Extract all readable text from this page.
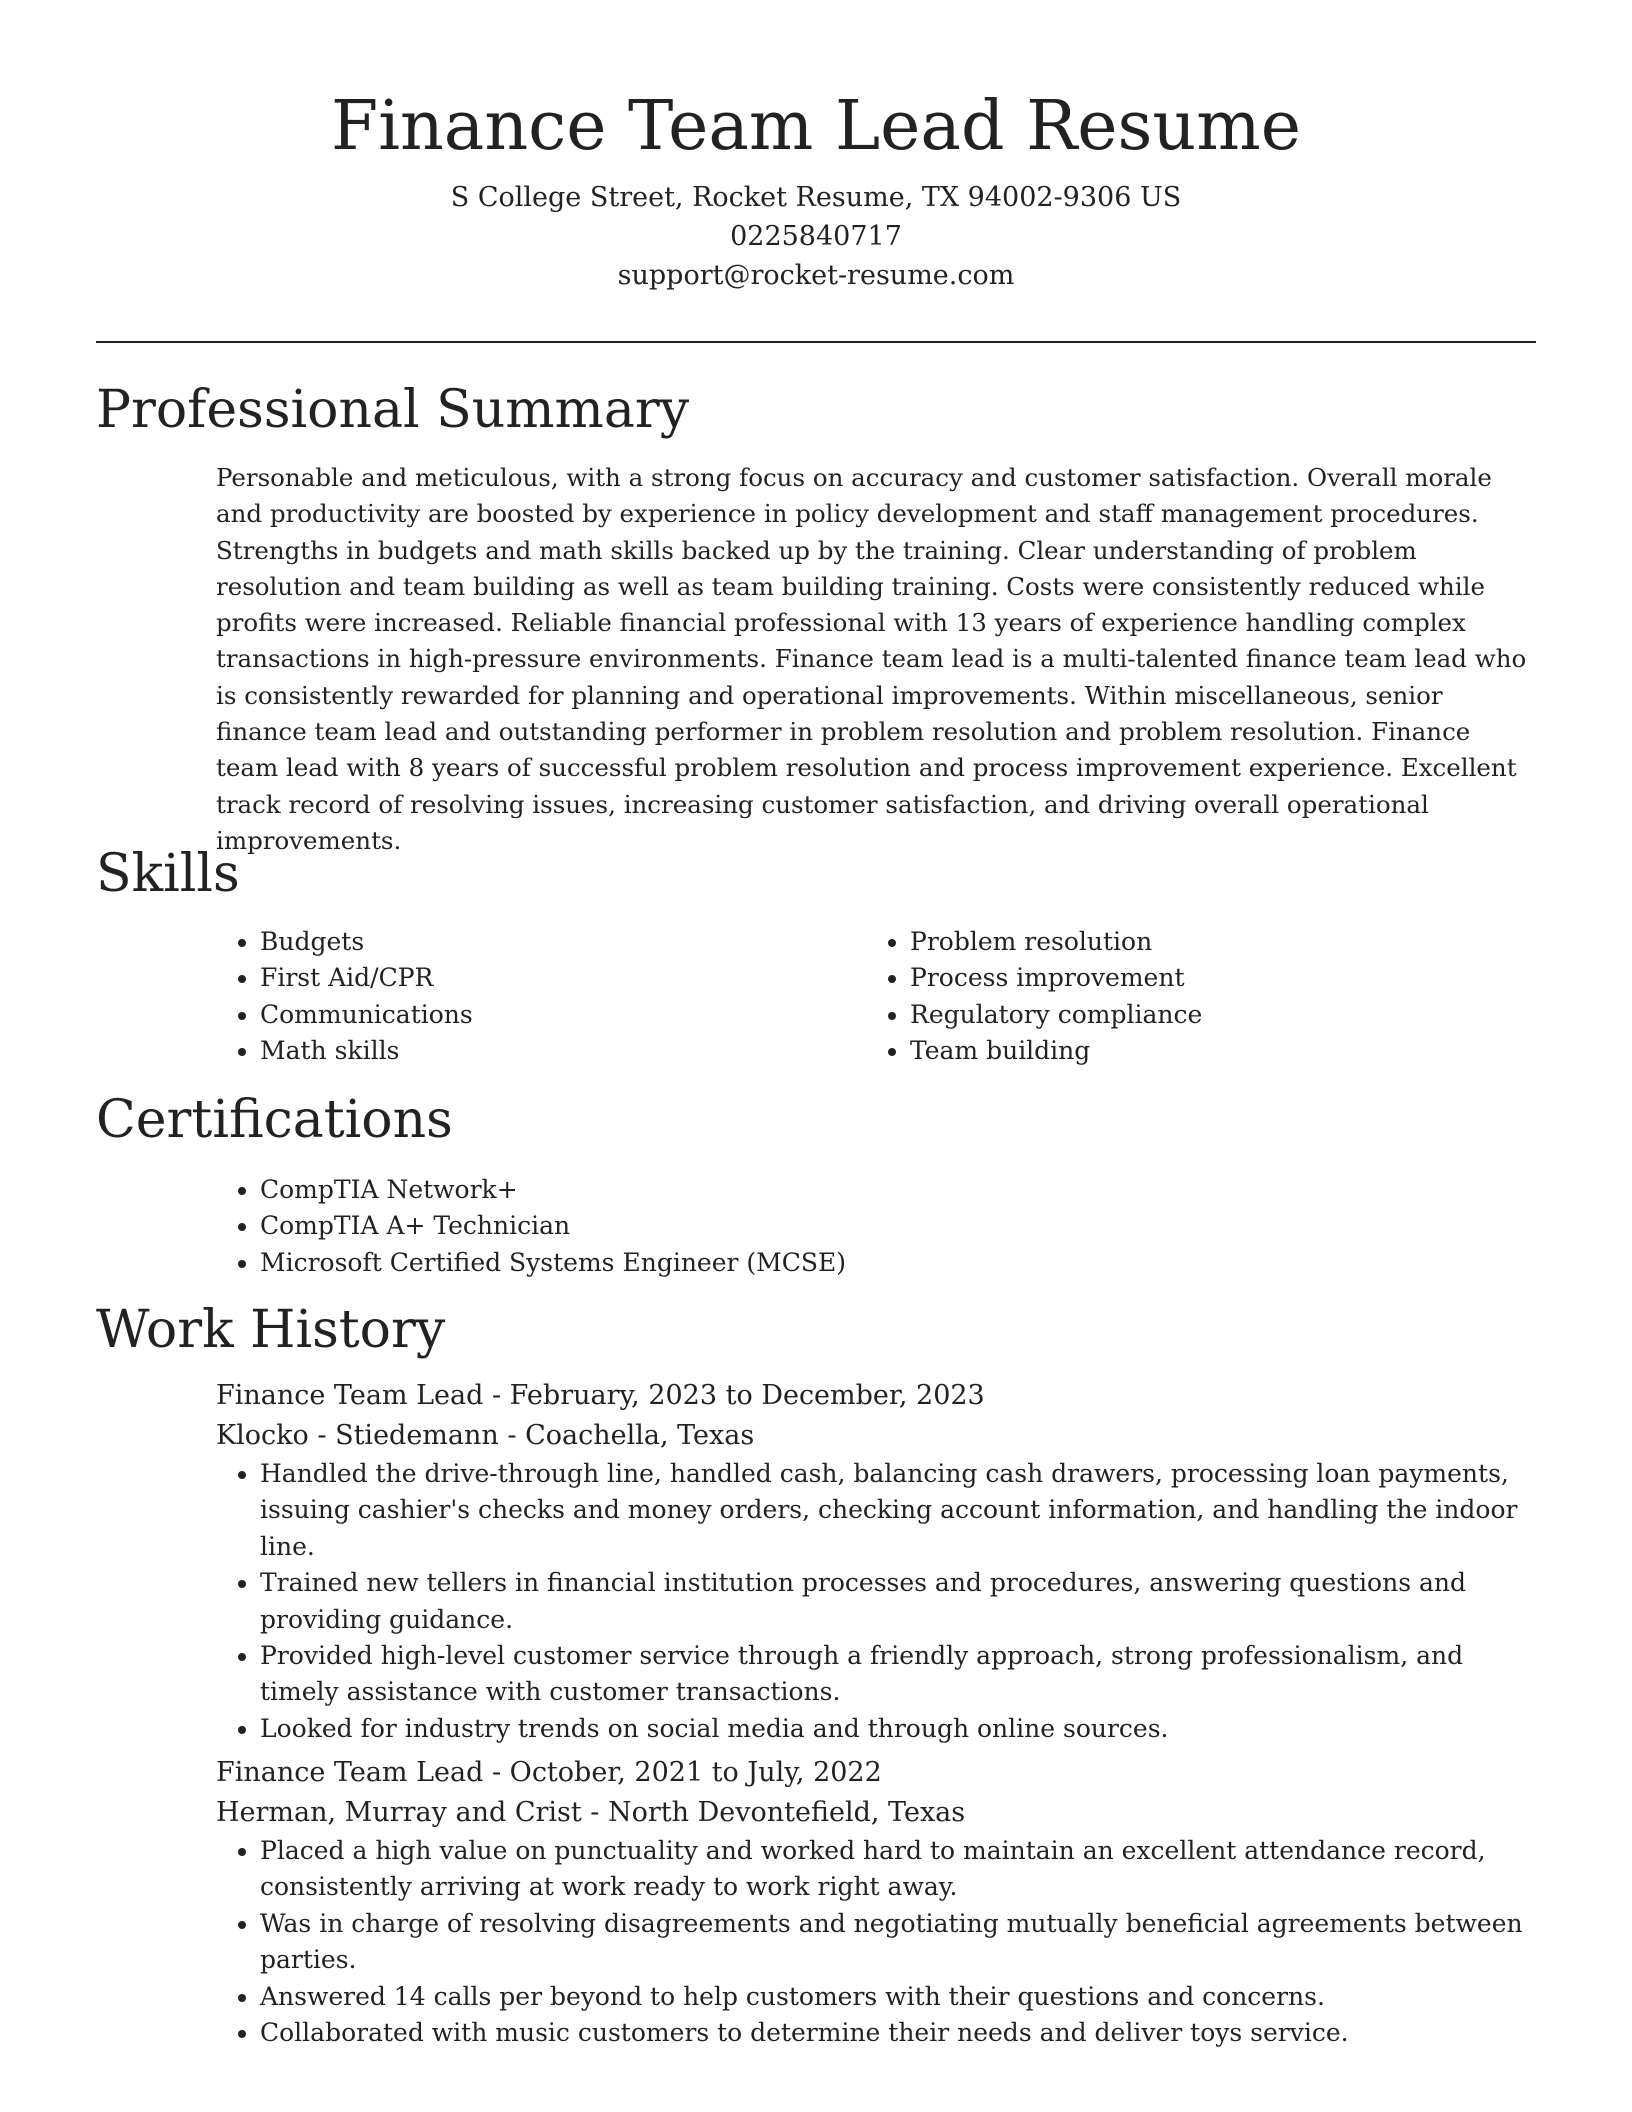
Finance Team Lead Resume

S College Street, Rocket Resume, TX 94002-9306 US

0225840717

support@rocket-resume.com

Professional Summary

Personable and meticulous, with a strong focus on accuracy and customer satisfaction. Overall morale and productivity are boosted by experience in policy development and staff management procedures. Strengths in budgets and math skills backed up by the training. Clear understanding of problem resolution and team building as well as team building training. Costs were consistently reduced while profits were increased. Reliable financial professional with 13 years of experience handling complex transactions in high-pressure environments. Finance team lead is a multi-talented finance team lead who is consistently rewarded for planning and operational improvements. Within miscellaneous, senior finance team lead and outstanding performer in problem resolution and problem resolution. Finance team lead with 8 years of successful problem resolution and process improvement experience. Excellent track record of resolving issues, increasing customer satisfaction, and driving overall operational improvements.

Skills
• Budgets
• First Aid/CPR
• Communications
• Math skills
• Problem resolution
• Process improvement
• Regulatory compliance
• Team building
Certifications
• CompTIA Network+
• CompTIA A+ Technician
• Microsoft Certified Systems Engineer (MCSE)
Work History

Finance Team Lead - February, 2023 to December, 2023

Klocko - Stiedemann - Coachella, Texas

• Handled the drive-through line, handled cash, balancing cash drawers, processing loan payments, issuing cashier's checks and money orders, checking account information, and handling the indoor line.
• Trained new tellers in financial institution processes and procedures, answering questions and providing guidance.
• Provided high-level customer service through a friendly approach, strong professionalism, and timely assistance with customer transactions.
• Looked for industry trends on social media and through online sources.

Finance Team Lead - October, 2021 to July, 2022

Herman, Murray and Crist - North Devontefield, Texas

• Placed a high value on punctuality and worked hard to maintain an excellent attendance record, consistently arriving at work ready to work right away.
• Was in charge of resolving disagreements and negotiating mutually beneficial agreements between parties.
• Answered 14 calls per beyond to help customers with their questions and concerns.
• Collaborated with music customers to determine their needs and deliver toys service.
